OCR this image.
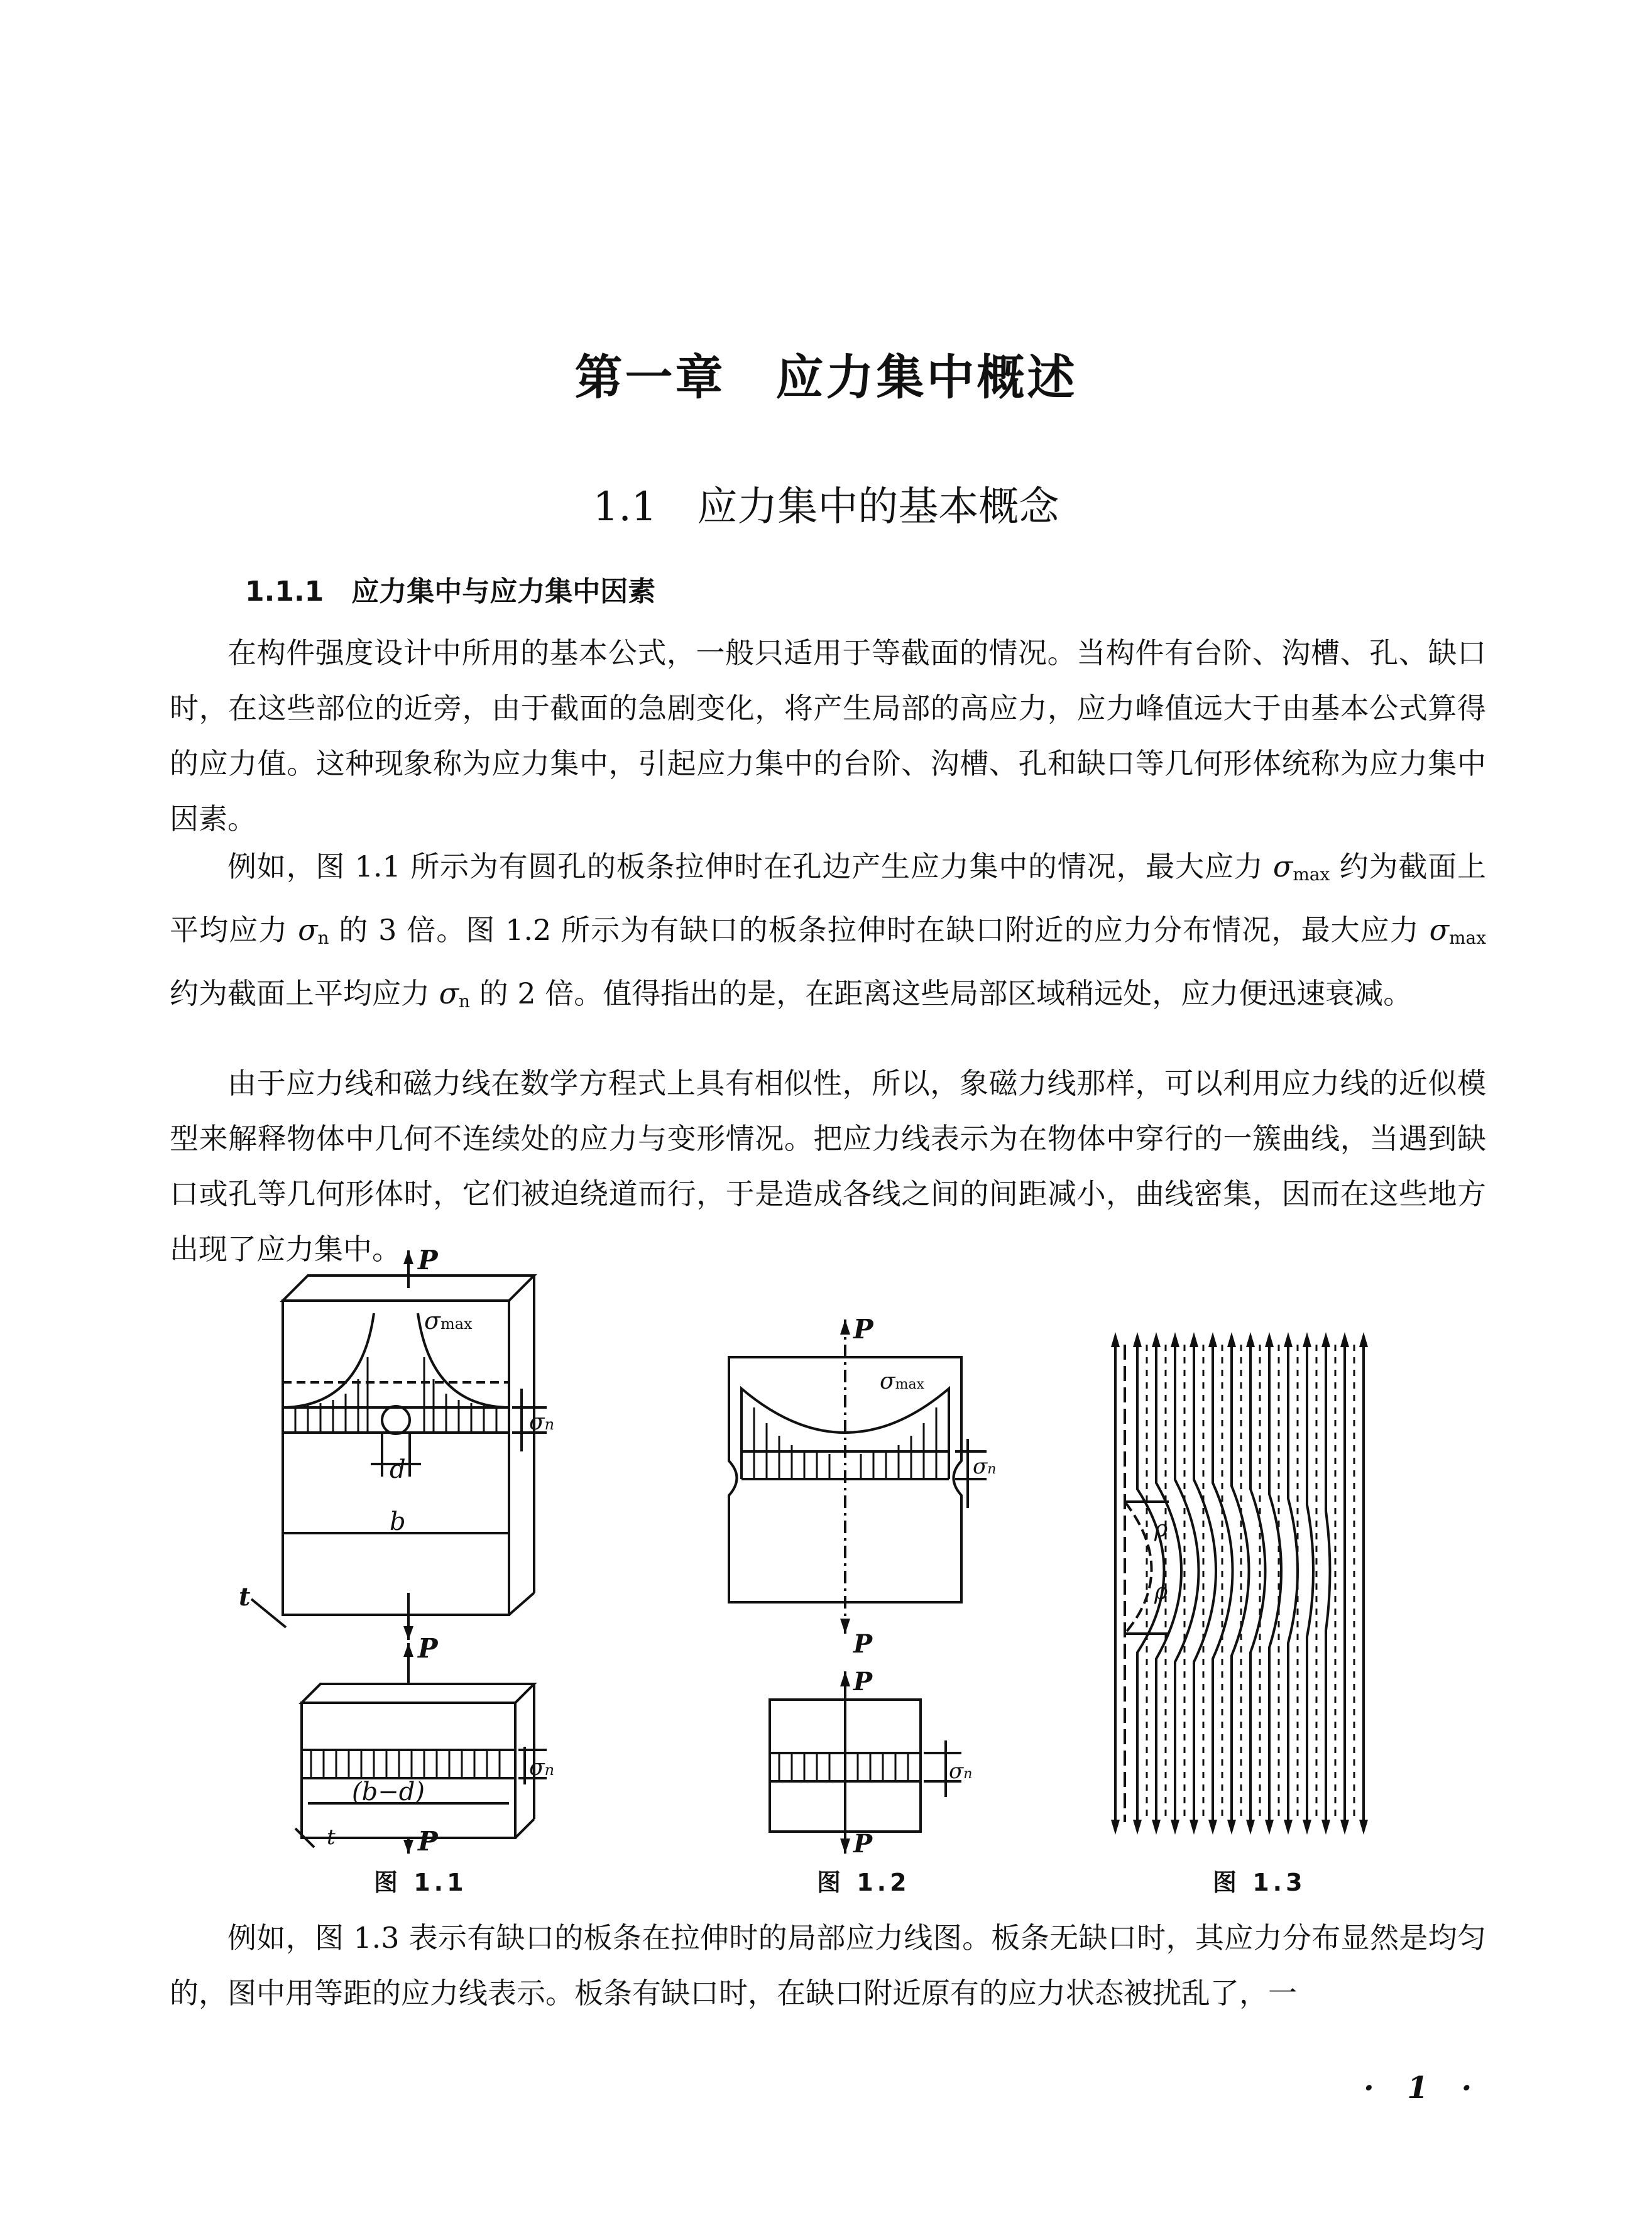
第一章　应力集中概述
1.1　应力集中的基本概念
1.1.1　应力集中与应力集中因素

在构件强度设计中所用的基本公式，一般只适用于等截面的情况。当构件有台阶、沟槽、孔、缺口时，在这些部位的近旁，由于截面的急剧变化，将产生局部的高应力，应力峰值远大于由基本公式算得的应力值。这种现象称为应力集中，引起应力集中的台阶、沟槽、孔和缺口等几何形体统称为应力集中因素。

例如，图 1.1 所示为有圆孔的板条拉伸时在孔边产生应力集中的情况，最大应力 $\sigma_{max}$ 约为截面上平均应力 $\sigma_n$ 的 3 倍。图 1.2 所示为有缺口的板条拉伸时在缺口附近的应力分布情况，最大应力 $\sigma_{max}$ 约为截面上平均应力 $\sigma_n$ 的 2 倍。值得指出的是，在距离这些局部区域稍远处，应力便迅速衰减。

由于应力线和磁力线在数学方程式上具有相似性，所以，象磁力线那样，可以利用应力线的近似模型来解释物体中几何不连续处的应力与变形情况。把应力线表示为在物体中穿行的一簇曲线，当遇到缺口或孔等几何形体时，它们被迫绕道而行，于是造成各线之间的间距减小，曲线密集，因而在这些地方出现了应力集中。 P
σmax
σn
d
b
t
P
σn
(b−d)
t	P
P
σmax
σn
P
P
σn
P
ρ
ρ
图 1.1	图 1.2	图 1.3

例如，图 1.3 表示有缺口的板条在拉伸时的局部应力线图。板条无缺口时，其应力分布显然是均匀的，图中用等距的应力线表示。板条有缺口时，在缺口附近原有的应力状态被扰乱了，一

· 1 ·
